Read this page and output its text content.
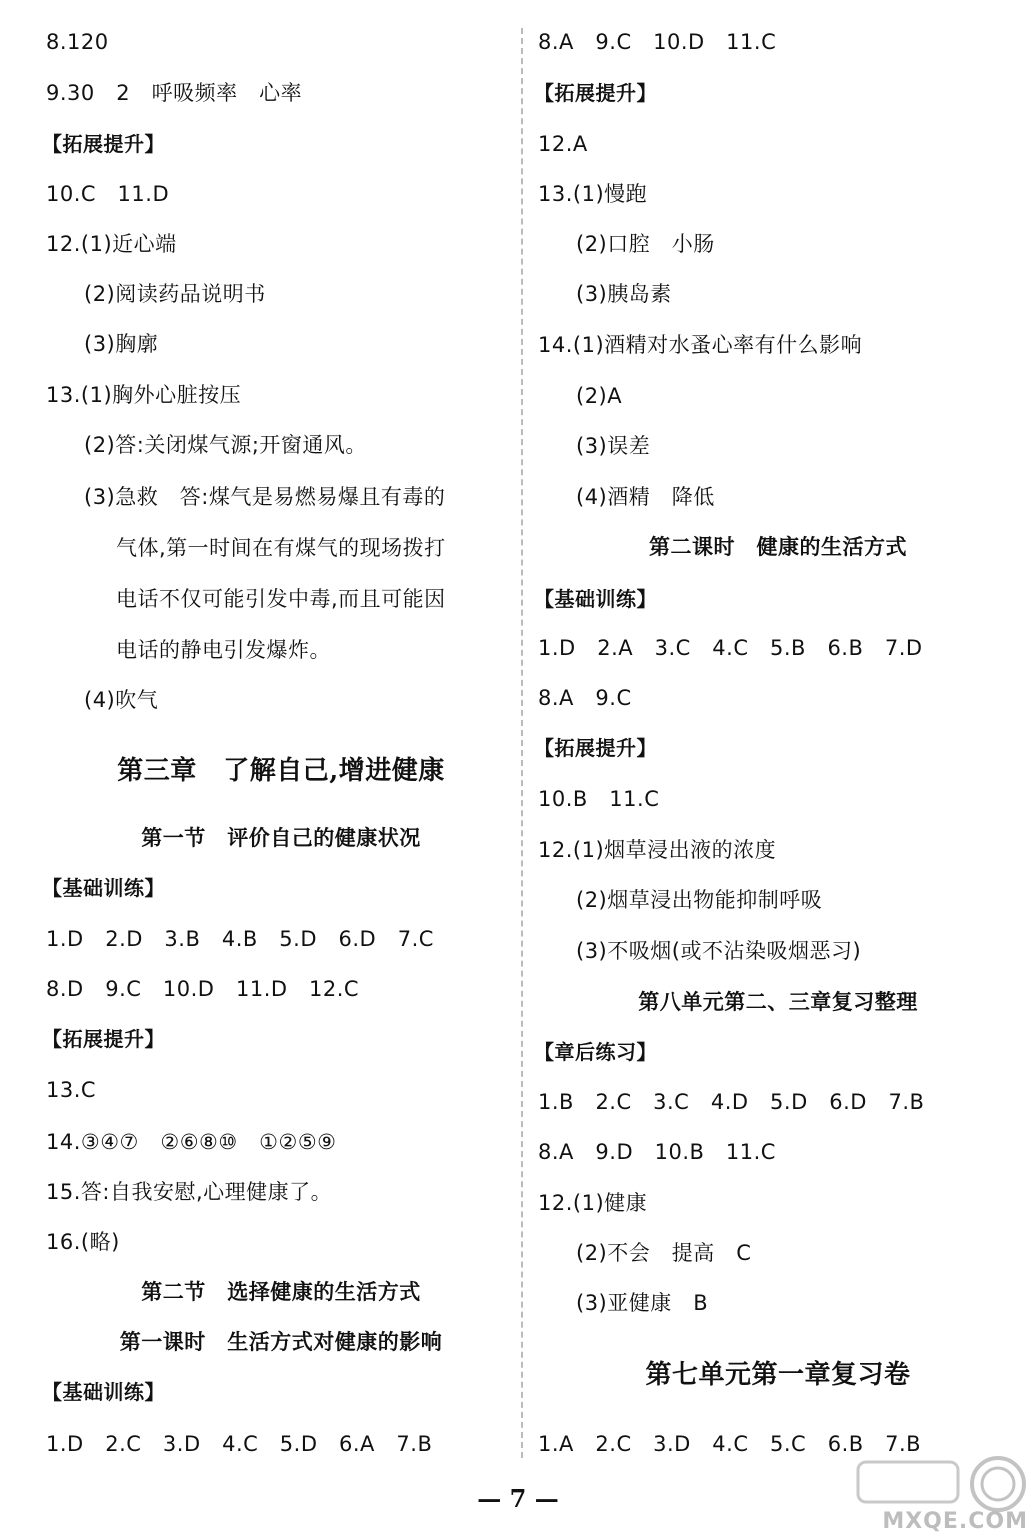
8.120
9.30　2　呼吸频率　心率
【拓展提升】
10.C　11.D
12.(1)近心端
(2)阅读药品说明书
(3)胸廓
13.(1)胸外心脏按压
(2)答:关闭煤气源;开窗通风。
(3)急救　答:煤气是易燃易爆且有毒的
气体,第一时间在有煤气的现场拨打
电话不仅可能引发中毒,而且可能因
电话的静电引发爆炸。
(4)吹气
第三章　了解自己,增进健康
第一节　评价自己的健康状况
【基础训练】
1.D　2.D　3.B　4.B　5.D　6.D　7.C
8.D　9.C　10.D　11.D　12.C
【拓展提升】
13.C
14.③④⑦　②⑥⑧⑩　①②⑤⑨
15.答:自我安慰,心理健康了。
16.(略)
第二节　选择健康的生活方式
第一课时　生活方式对健康的影响
【基础训练】
1.D　2.C　3.D　4.C　5.D　6.A　7.B
8.A　9.C　10.D　11.C
【拓展提升】
12.A
13.(1)慢跑
(2)口腔　小肠
(3)胰岛素
14.(1)酒精对水蚤心率有什么影响
(2)A
(3)误差
(4)酒精　降低
第二课时　健康的生活方式
【基础训练】
1.D　2.A　3.C　4.C　5.B　6.B　7.D
8.A　9.C
【拓展提升】
10.B　11.C
12.(1)烟草浸出液的浓度
(2)烟草浸出物能抑制呼吸
(3)不吸烟(或不沾染吸烟恶习)
第八单元第二、三章复习整理
【章后练习】
1.B　2.C　3.C　4.D　5.D　6.D　7.B
8.A　9.D　10.B　11.C
12.(1)健康
(2)不会　提高　C
(3)亚健康　B
第七单元第一章复习卷
1.A　2.C　3.D　4.C　5.C　6.B　7.B
— 7 —
MXQE.COM
